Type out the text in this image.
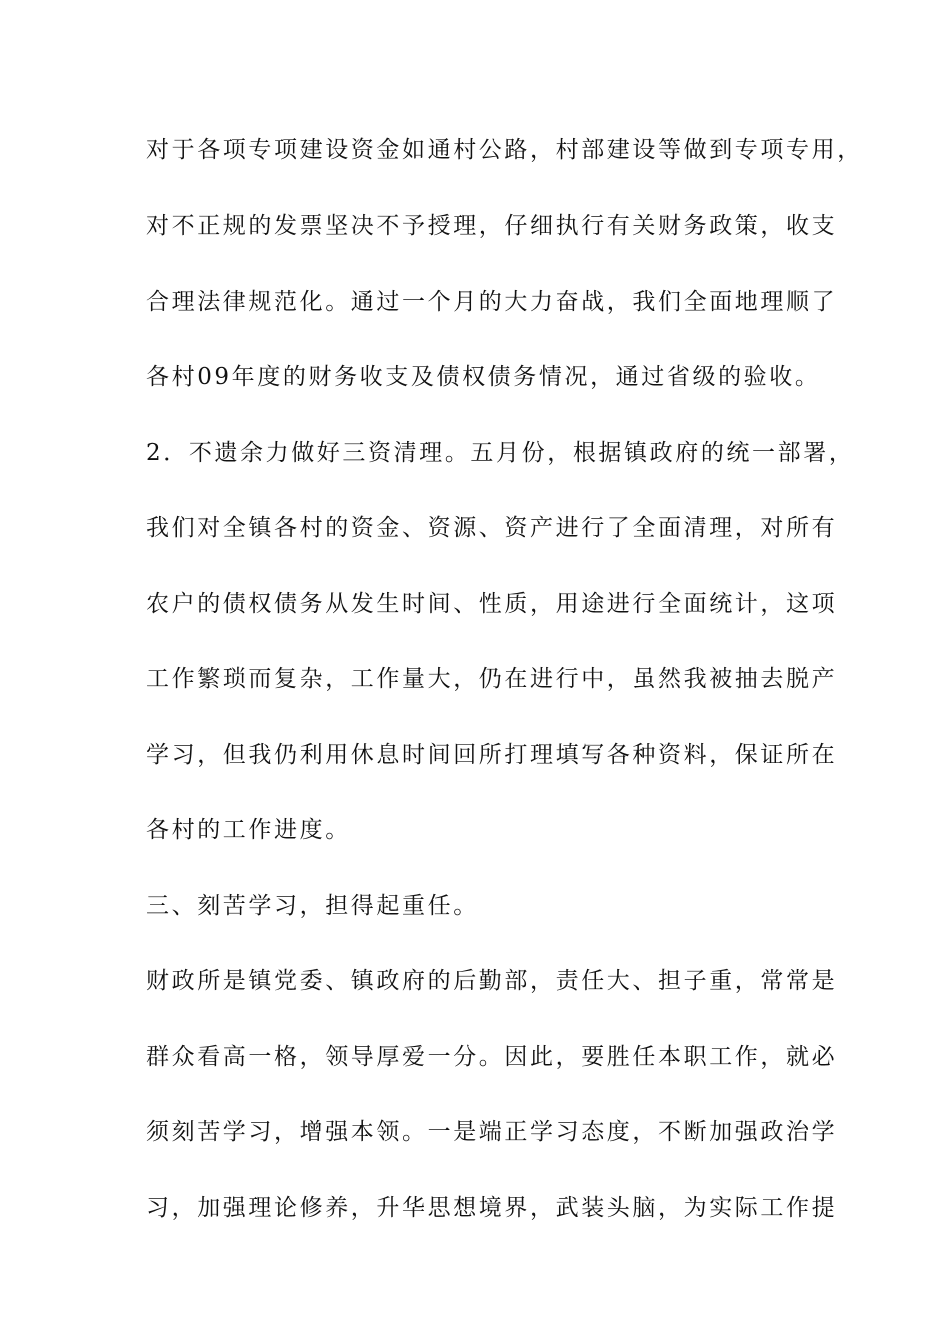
对于各项专项建设资金如通村公路，村部建设等做到专项专用，
对不正规的发票坚决不予授理，仔细执行有关财务政策，收支
合理法律规范化。通过一个月的大力奋战，我们全面地理顺了
各村09年度的财务收支及债权债务情况，通过省级的验收。
2．不遗余力做好三资清理。五月份，根据镇政府的统一部署，
我们对全镇各村的资金、资源、资产进行了全面清理，对所有
农户的债权债务从发生时间、性质，用途进行全面统计，这项
工作繁琐而复杂，工作量大，仍在进行中，虽然我被抽去脱产
学习，但我仍利用休息时间回所打理填写各种资料，保证所在
各村的工作进度。
三、刻苦学习，担得起重任。
财政所是镇党委、镇政府的后勤部，责任大、担子重，常常是
群众看高一格，领导厚爱一分。因此，要胜任本职工作，就必
须刻苦学习，增强本领。一是端正学习态度，不断加强政治学
习，加强理论修养，升华思想境界，武装头脑，为实际工作提
